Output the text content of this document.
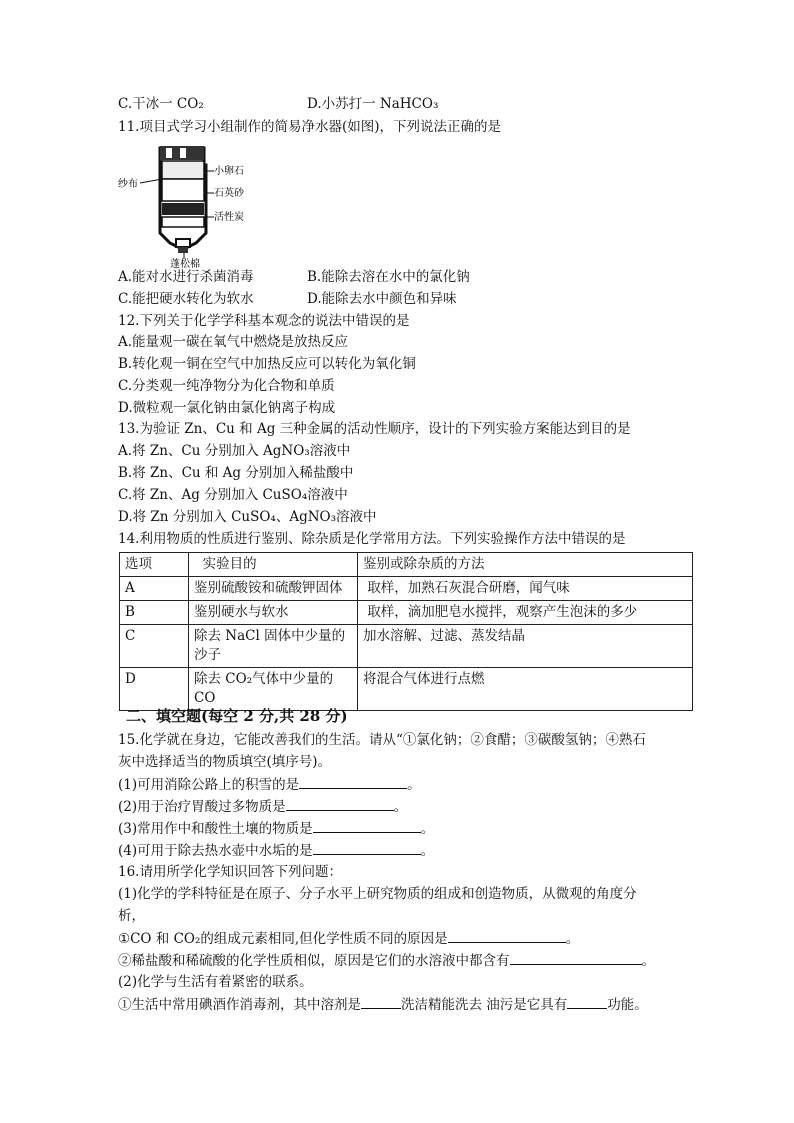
C.干冰一 CO₂	D.小苏打一 NaHCO₃
11.项目式学习小组制作的简易净水器(如图)，下列说法正确的是
纱布
小卵石
石英砂
活性炭
蓬松棉
A.能对水进行杀菌消毒	B.能除去溶在水中的氯化钠
C.能把硬水转化为软水	D.能除去水中颜色和异味
12.下列关于化学学科基本观念的说法中错误的是
A.能量观一碳在氧气中燃烧是放热反应
B.转化观一铜在空气中加热反应可以转化为氧化铜
C.分类观一纯净物分为化合物和单质
D.微粒观一氯化钠由氯化钠离子构成
13.为验证 Zn、Cu 和 Ag 三种金属的活动性顺序，设计的下列实验方案能达到目的是
A.将 Zn、Cu 分别加入 AgNO₃溶液中
B.将 Zn、Cu 和 Ag 分别加入稀盐酸中
C.将 Zn、Ag 分别加入 CuSO₄溶液中
D.将 Zn 分别加入 CuSO₄、AgNO₃溶液中
14.利用物质的性质进行鉴别、除杂质是化学常用方法。下列实验操作方法中错误的是
选项	实验目的	鉴别或除杂质的方法
A	鉴别硫酸铵和硫酸钾固体	取样，加熟石灰混合研磨，闻气味
B	鉴别硬水与软水	取样，滴加肥皂水搅拌，观察产生泡沫的多少
C	除去 NaCl 固体中少量的
沙子	加水溶解、过滤、蒸发结晶
D	除去 CO₂气体中少量的
CO	将混合气体进行点燃
二、填空题(每空 2 分,共 28 分)
15.化学就在身边，它能改善我们的生活。请从“①氯化钠；②食醋；③碳酸氢钠；④熟石
灰中选择适当的物质填空(填序号)。
(1)可用消除公路上的积雪的是	。
(2)用于治疗胃酸过多物质是	。
(3)常用作中和酸性土壤的物质是	。
(4)可用于除去热水壶中水垢的是	。
16.请用所学化学知识回答下列问题：
(1)化学的学科特征是在原子、分子水平上研究物质的组成和创造物质，从微观的角度分
析，
①CO 和 CO₂的组成元素相同,但化学性质不同的原因是	。
②稀盐酸和稀硫酸的化学性质相似，原因是它们的水溶液中都含有	。
(2)化学与生活有着紧密的联系。
①生活中常用碘酒作消毒剂，其中溶剂是	洗洁精能洗去 油污是它具有	功能。
